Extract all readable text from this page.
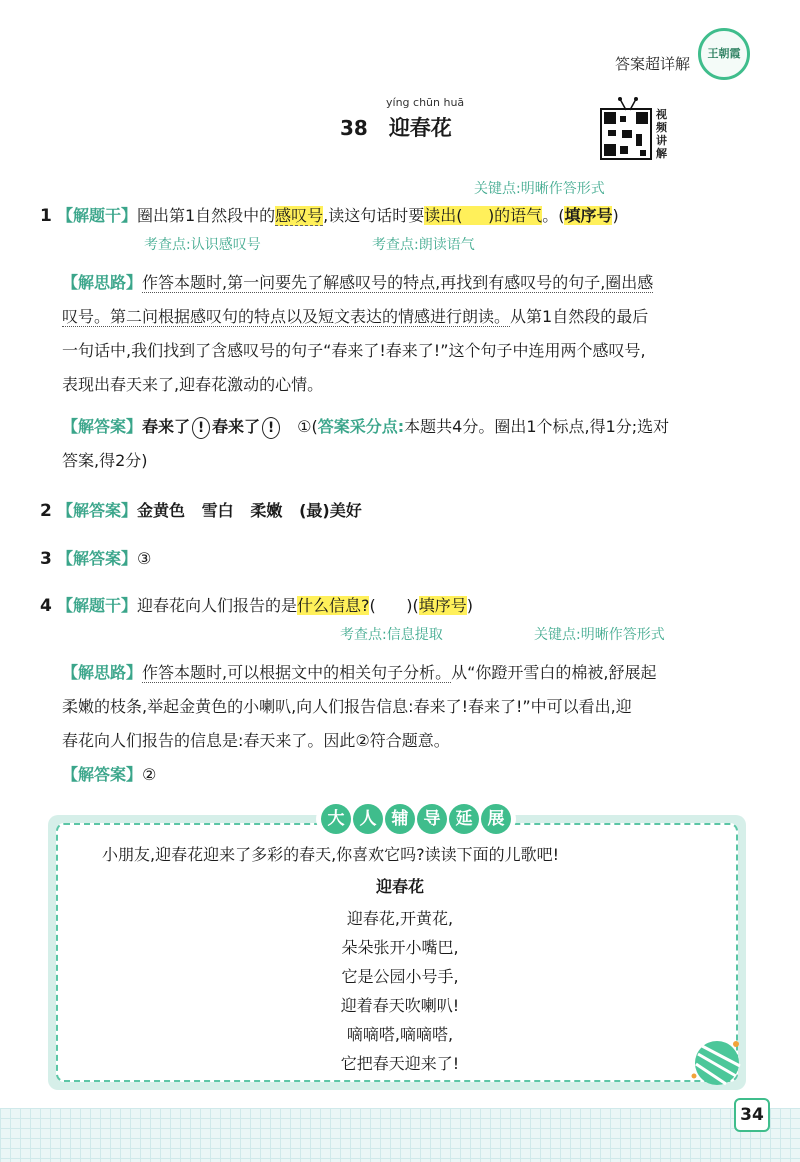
答案超详解
王朝霞
yíng chūn huā
38 迎春花
视
频
讲
解
关键点:明晰作答形式
1 【解题干】圈出第1自然段中的感叹号,读这句话时要读出( )的语气。(填序号)
考查点:认识感叹号	考查点:朗读语气
【解思路】作答本题时,第一问要先了解感叹号的特点,再找到有感叹号的句子,圈出感
叹号。第二问根据感叹句的特点以及短文表达的情感进行朗读。从第1自然段的最后
一句话中,我们找到了含感叹号的句子“春来了!春来了!”这个句子中连用两个感叹号,
表现出春天来了,迎春花激动的心情。
【解答案】春来了 ! 春来了 ! ①(答案采分点:本题共4分。圈出1个标点,得1分;选对
答案,得2分)
2 【解答案】金黄色   雪白   柔嫩   (最)美好
3 【解答案】③
4 【解题干】迎春花向人们报告的是什么信息?(      )(填序号)
考查点:信息提取	关键点:明晰作答形式
【解思路】作答本题时,可以根据文中的相关句子分析。从“你蹬开雪白的棉被,舒展起
柔嫩的枝条,举起金黄色的小喇叭,向人们报告信息:春来了!春来了!”中可以看出,迎
春花向人们报告的信息是:春天来了。因此②符合题意。
【解答案】②
大 人 辅 导 延 展
小朋友,迎春花迎来了多彩的春天,你喜欢它吗?读读下面的儿歌吧!
迎春花
迎春花,开黄花,
朵朵张开小嘴巴,
它是公园小号手,
迎着春天吹喇叭!
嘀嘀嗒,嘀嘀嗒,
它把春天迎来了!
34
